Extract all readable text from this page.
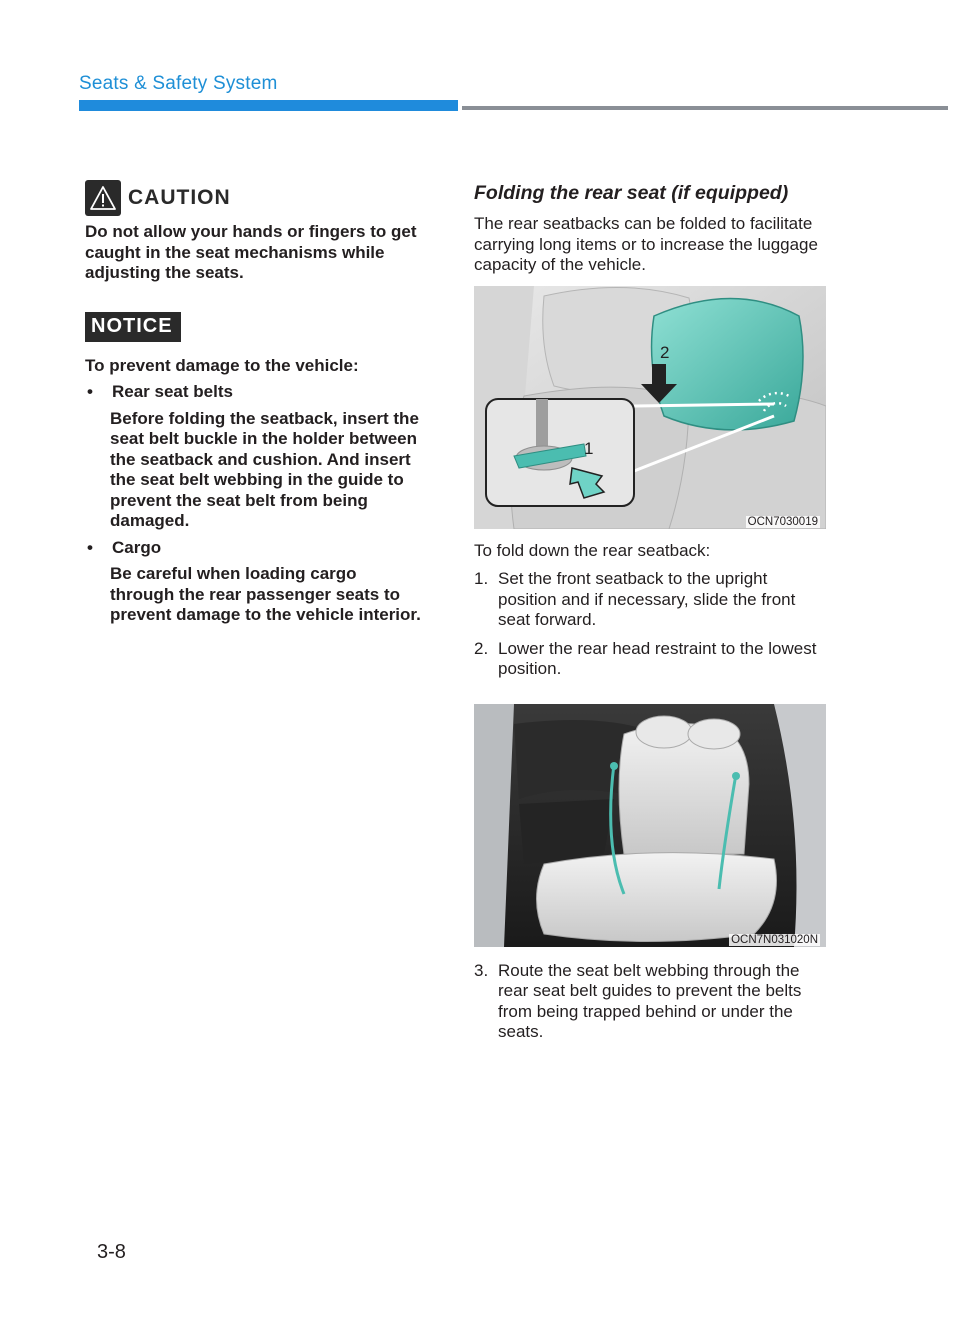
Seats & Safety System
CAUTION

Do not allow your hands or fingers to get caught in the seat mechanisms while adjusting the seats.

NOTICE

To prevent damage to the vehicle:

•	Rear seat belts

Before folding the seatback, insert the seat belt buckle in the holder between the seatback and cushion. And insert the seat belt webbing in the guide to prevent the seat belt from being damaged.

•	Cargo

Be careful when loading cargo through the rear passenger seats to prevent damage to the vehicle interior.

Folding the rear seat (if equipped)

The rear seatbacks can be folded to facilitate carrying long items or to increase the luggage capacity of the vehicle.

2
1
OCN7030019

To fold down the rear seatback:

1. Set the front seatback to the upright position and if necessary, slide the front seat forward.
2. Lower the rear head restraint to the lowest position.
OCN7N031020N
3. Route the seat belt webbing through the rear seat belt guides to prevent the belts from being trapped behind or under the seats.
3-8
